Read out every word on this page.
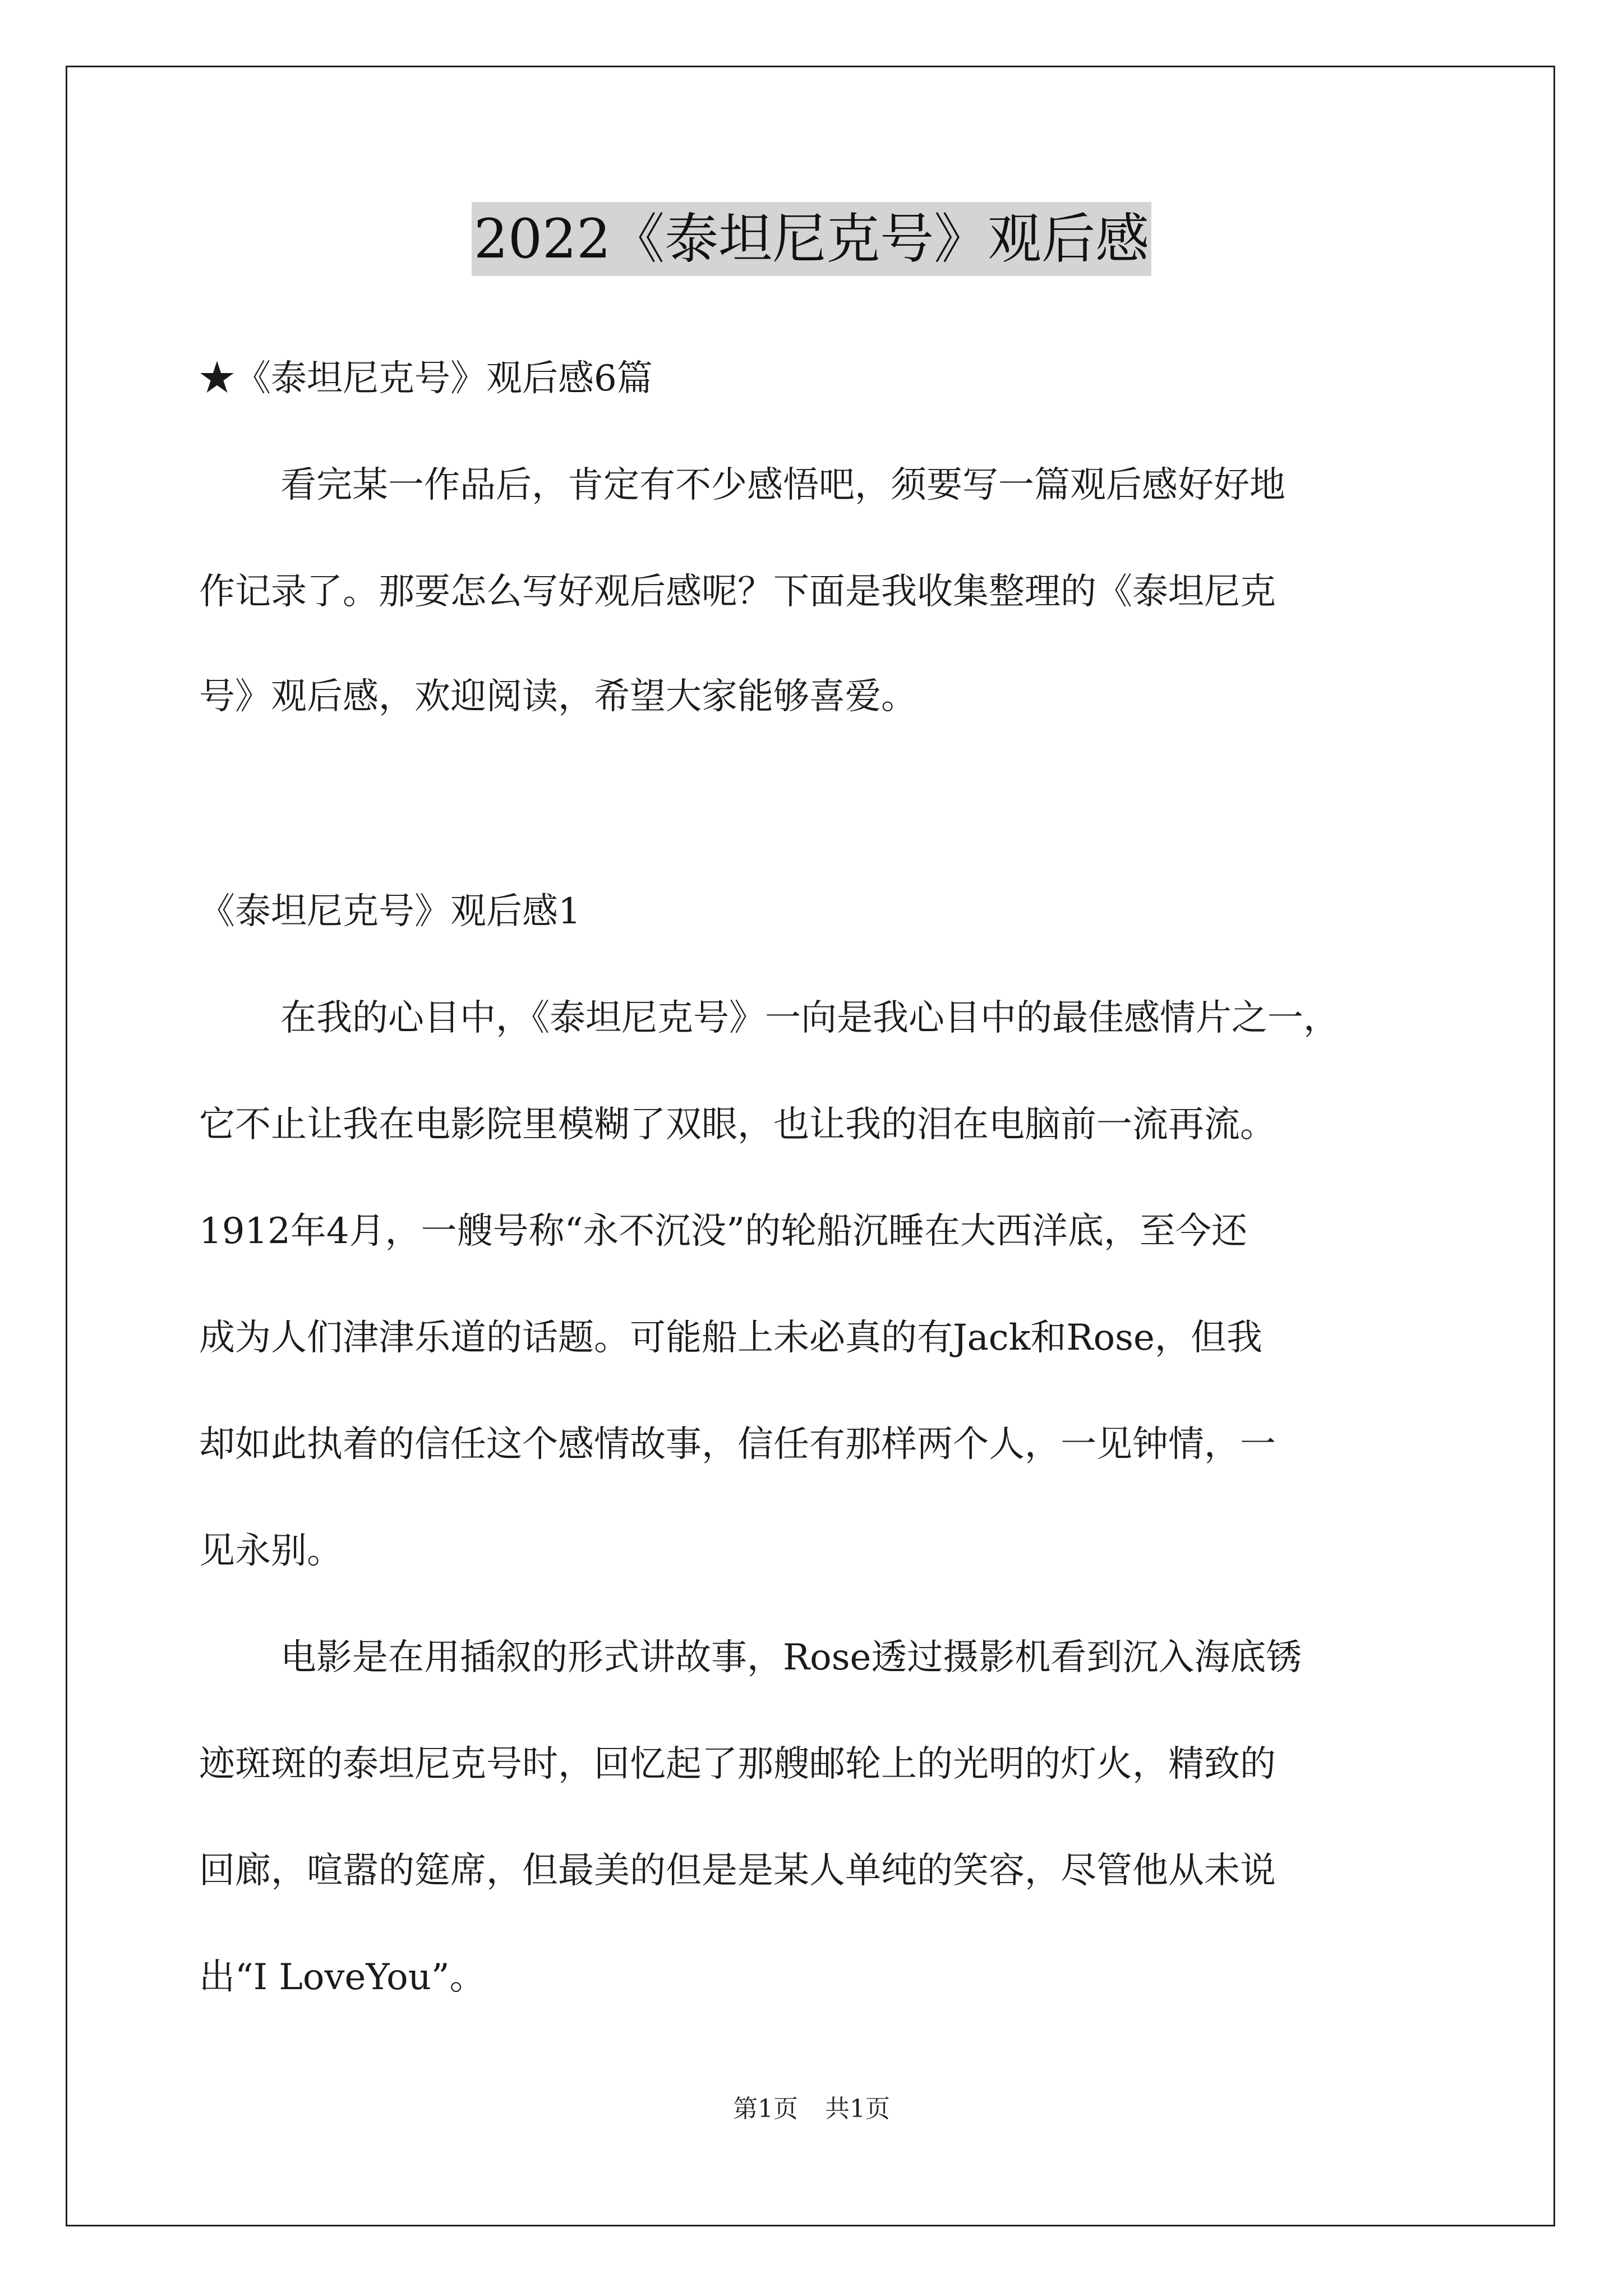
2022《泰坦尼克号》观后感
★《泰坦尼克号》观后感6篇
看完某一作品后，肯定有不少感悟吧，须要写一篇观后感好好地
作记录了。那要怎么写好观后感呢？下面是我收集整理的《泰坦尼克
号》观后感，欢迎阅读，希望大家能够喜爱。
《泰坦尼克号》观后感1
在我的心目中，《泰坦尼克号》一向是我心目中的最佳感情片之一，
它不止让我在电影院里模糊了双眼，也让我的泪在电脑前一流再流。
1912年4月，一艘号称“永不沉没”的轮船沉睡在大西洋底，至今还
成为人们津津乐道的话题。可能船上未必真的有Jack和Rose，但我
却如此执着的信任这个感情故事，信任有那样两个人，一见钟情，一
见永别。
电影是在用插叙的形式讲故事，Rose透过摄影机看到沉入海底锈
迹斑斑的泰坦尼克号时，回忆起了那艘邮轮上的光明的灯火，精致的
回廊，喧嚣的筵席，但最美的但是是某人单纯的笑容，尽管他从未说
出“I LoveYou”。
第1页 共1页
